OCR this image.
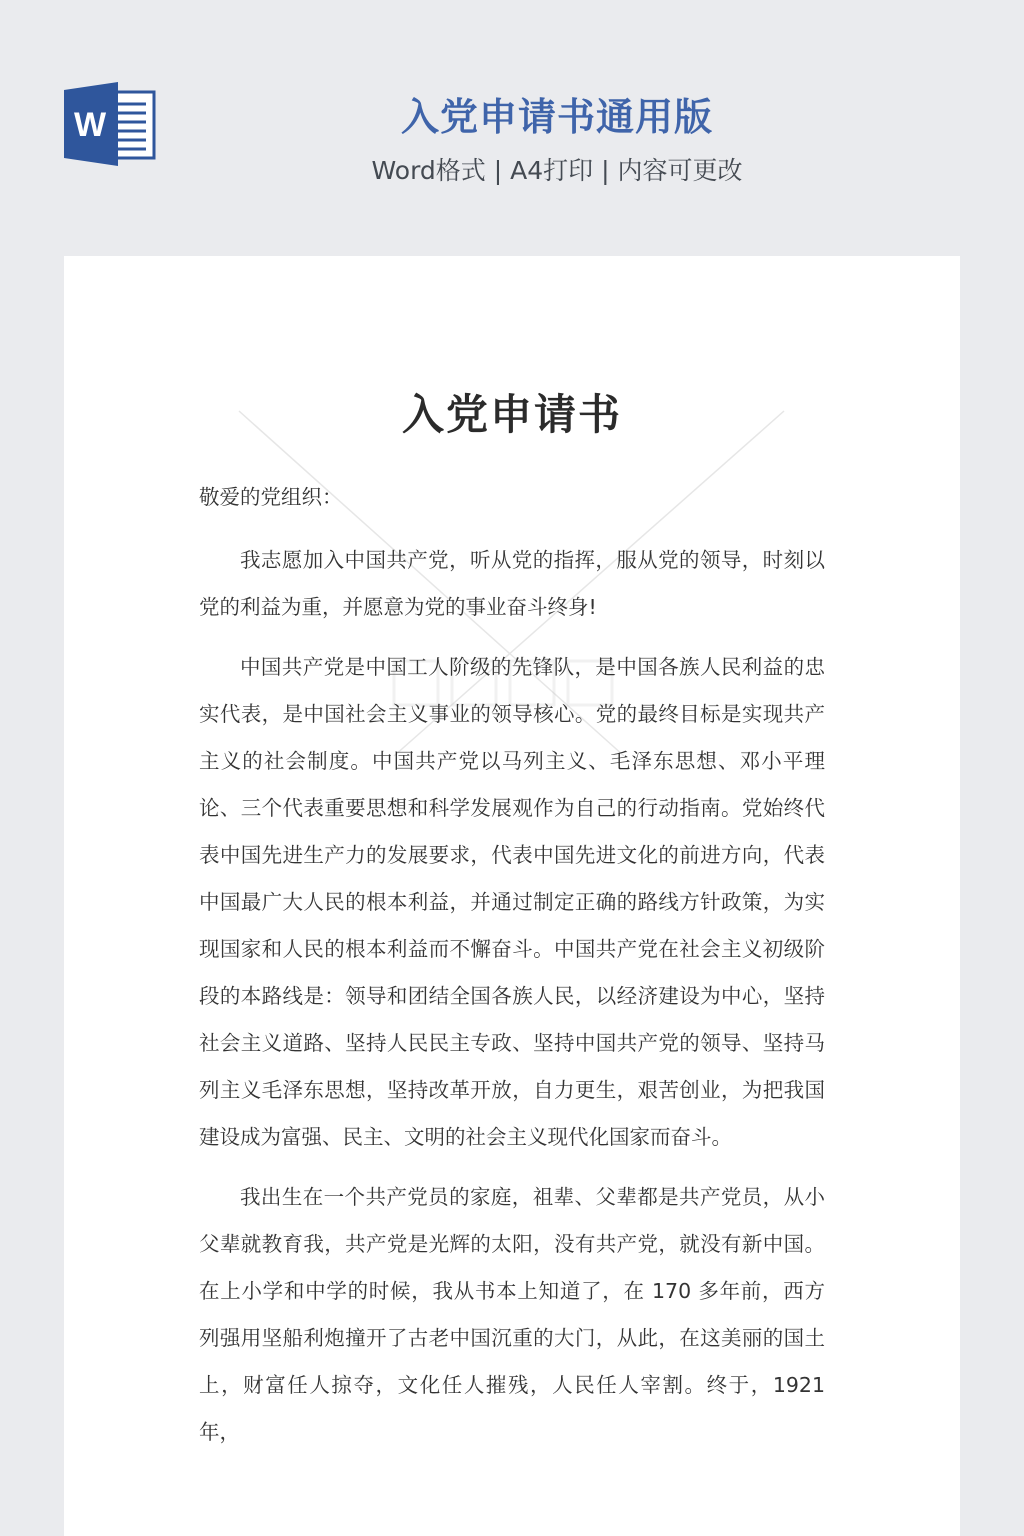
W	入党申请书通用版
Word格式 | A4打印 | 内容可更改
入党申请书

敬爱的党组织：

我志愿加入中国共产党，听从党的指挥，服从党的领导，时刻以党的利益为重，并愿意为党的事业奋斗终身!

中国共产党是中国工人阶级的先锋队，是中国各族人民利益的忠实代表，是中国社会主义事业的领导核心。党的最终目标是实现共产主义的社会制度。中国共产党以马列主义、毛泽东思想、邓小平理论、三个代表重要思想和科学发展观作为自己的行动指南。党始终代表中国先进生产力的发展要求，代表中国先进文化的前进方向，代表中国最广大人民的根本利益，并通过制定正确的路线方针政策，为实现国家和人民的根本利益而不懈奋斗。中国共产党在社会主义初级阶段的本路线是：领导和团结全国各族人民，以经济建设为中心，坚持社会主义道路、坚持人民民主专政、坚持中国共产党的领导、坚持马列主义毛泽东思想，坚持改革开放，自力更生，艰苦创业，为把我国建设成为富强、民主、文明的社会主义现代化国家而奋斗。

我出生在一个共产党员的家庭，祖辈、父辈都是共产党员，从小父辈就教育我，共产党是光辉的太阳，没有共产党，就没有新中国。在上小学和中学的时候，我从书本上知道了，在 170 多年前，西方列强用坚船利炮撞开了古老中国沉重的大门，从此，在这美丽的国土上，财富任人掠夺，文化任人摧残，人民任人宰割。终于，1921 年，
